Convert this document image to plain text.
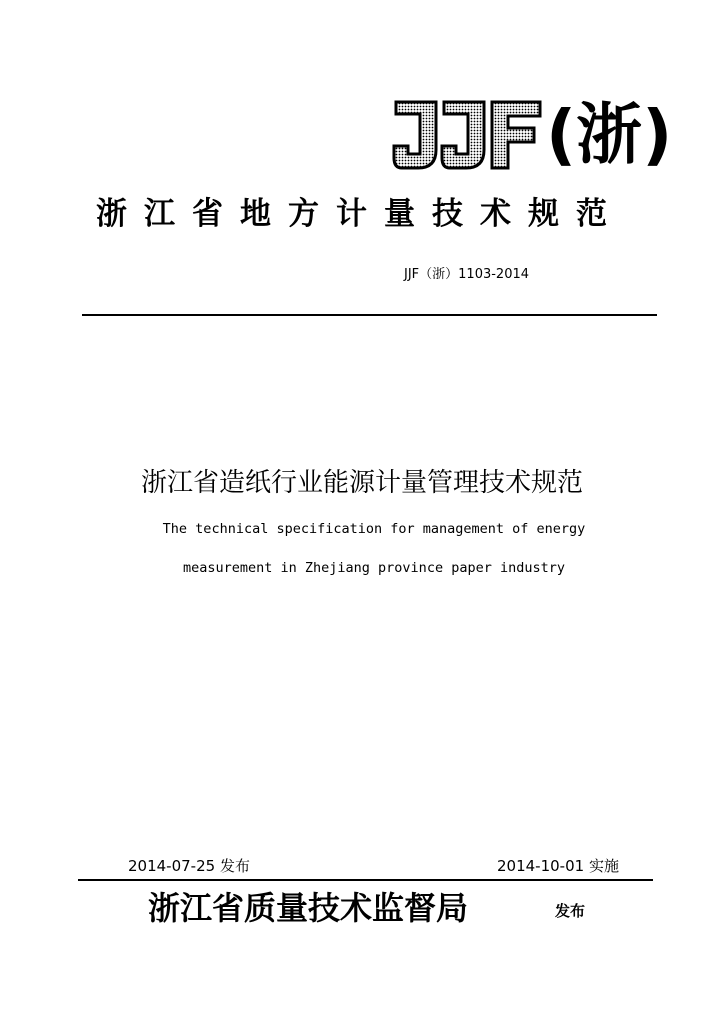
(浙)
浙江省地方计量技术规范
JJF（浙）1103-2014
浙江省造纸行业能源计量管理技术规范
The technical specification for management of energy
measurement in Zhejiang province paper industry
2014-07-25 发布	2014-10-01 实施
浙江省质量技术监督局	发布
